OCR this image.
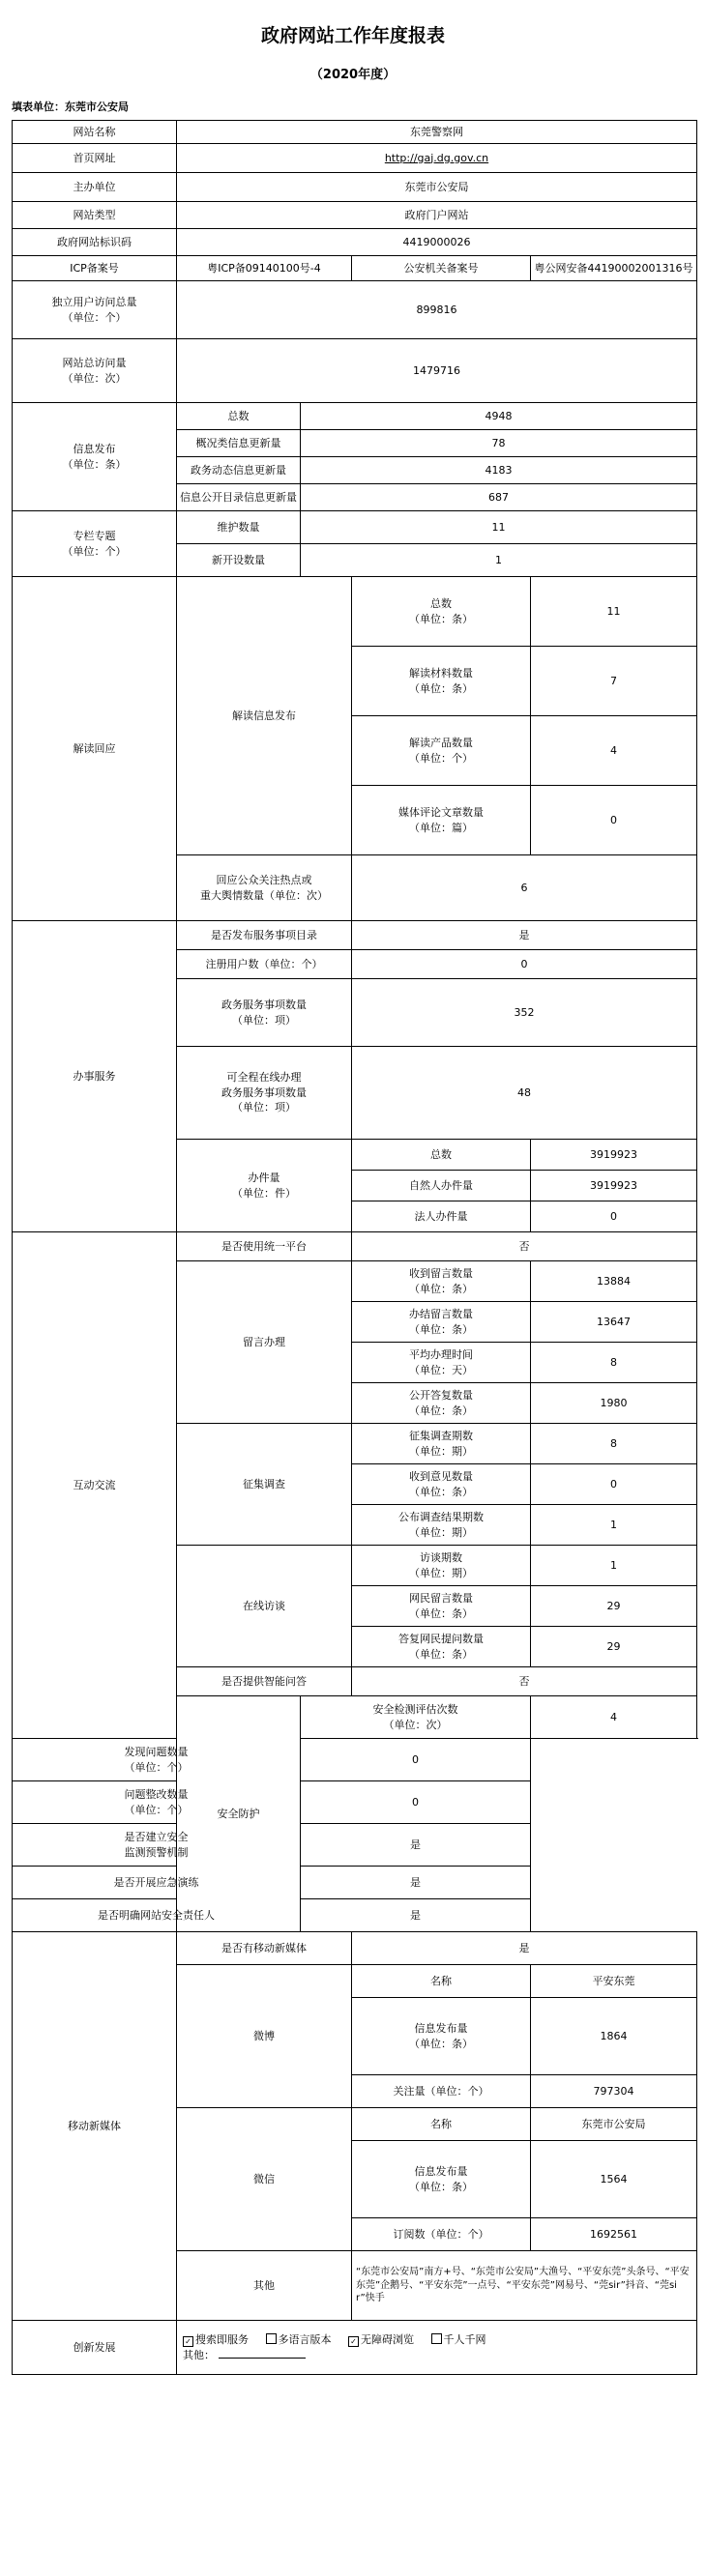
政府网站工作年度报表
（2020年度）
填表单位：东莞市公安局
网站名称	东莞警察网			
首页网址	http://gaj.dg.gov.cn			
主办单位	东莞市公安局			
网站类型	政府门户网站			
政府网站标识码	4419000026			
ICP备案号	粤ICP备09140100号-4		公安机关备案号	粤公网安备44190002001316号

独立用户访问总量
（单位：个）	899816			

网站总访问量
（单位：次）	1479716			

信息发布
（单位：条）	总数	4948		
	概况类信息更新量	78		
	政务动态信息更新量	4183		
	信息公开目录信息更新量	687		

专栏专题
（单位：个）	维护数量	11		
	新开设数量	1		
解读回应	解读信息发布		总数
（单位：条）	11

			解读材料数量
（单位：条）	7

			解读产品数量
（单位：个）	4

			媒体评论文章数量
（单位：篇）	0

	回应公众关注热点或
重大舆情数量（单位：次）		6	
办事服务	是否发布服务事项目录		是	
	注册用户数（单位：个）		0	

	政务服务事项数量
（单位：项）		352	

	可全程在线办理
政务服务事项数量
（单位：项）		48	

	办件量
（单位：件）		总数	3919923
			自然人办件量	3919923
			法人办件量	0
互动交流	是否使用统一平台		否	
	留言办理		收到留言数量
（单位：条）	13884

			办结留言数量
（单位：条）	13647

			平均办理时间
（单位：天）	8

			公开答复数量
（单位：条）	1980
	征集调查		征集调查期数
（单位：期）	8

			收到意见数量
（单位：条）	0

			公布调查结果期数
（单位：期）	1
	在线访谈		访谈期数
（单位：期）	1

			网民留言数量
（单位：条）	29

			答复网民提问数量
（单位：条）	29
	是否提供智能问答		否	
	安全防护	安全检测评估次数
（单位：次）		4

发现问题数量
（单位：个）		0		

问题整改数量
（单位：个）		0		

是否建立安全
监测预警机制		是		
是否开展应急演练		是		
是否明确网站安全责任人		是		
移动新媒体	是否有移动新媒体		是	
	微博		名称	平安东莞

			信息发布量
（单位：条）	1864
			关注量（单位：个）	797304
	微信		名称	东莞市公安局

			信息发布量
（单位：条）	1564
			订阅数（单位：个）	1692561
	其他		“东莞市公安局”南方+号、“东莞市公安局”大渔号、“平安东莞”头条号、“平安东莞”企鹅号、“平安东莞”一点号、“平安东莞”网易号、“莞sir”抖音、“莞sir”快手	
创新发展	✓ 搜索即服务 多语言版本 ✓ 无障碍浏览 千人千网
其他：			
